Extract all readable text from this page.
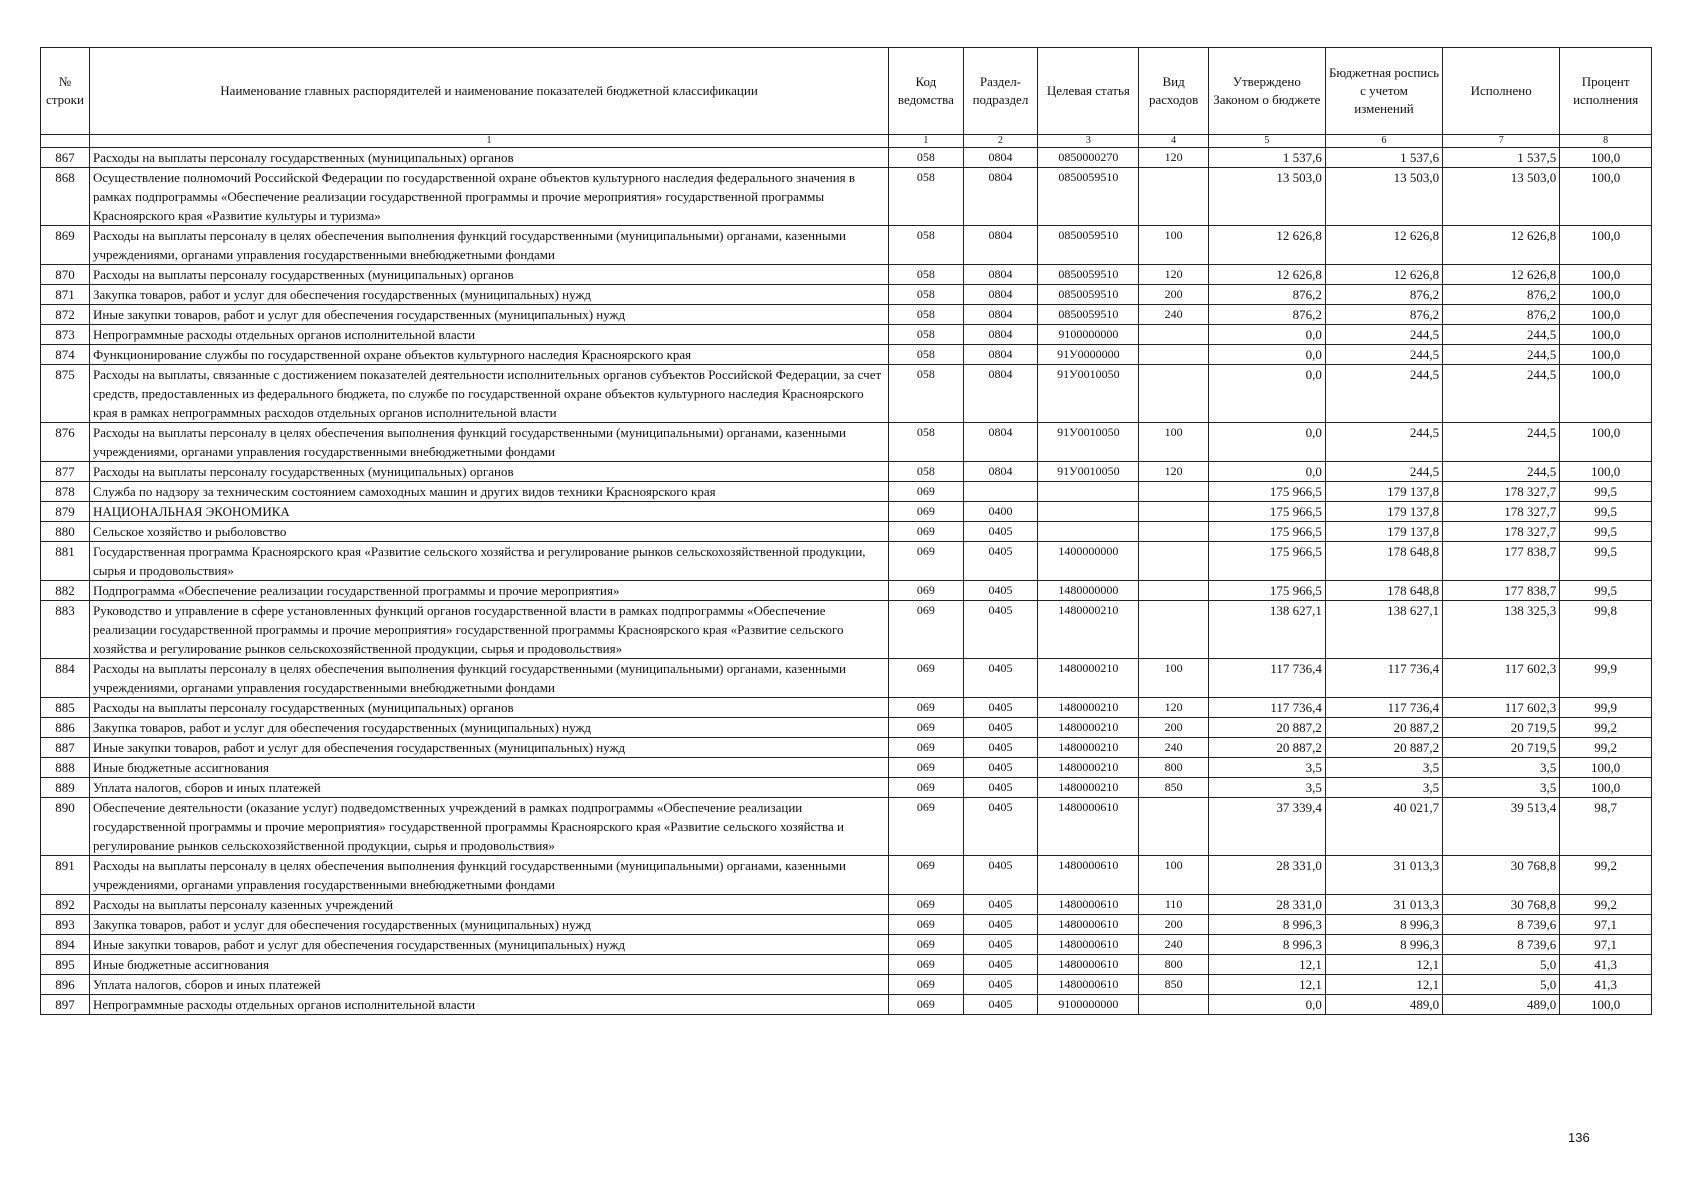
№ строки	Наименование главных распорядителей и наименование показателей бюджетной классификации	Код ведомства	Раздел-подраздел	Целевая статья	Вид расходов	Утверждено Законом о бюджете	Бюджетная роспись с учетом изменений	Исполнено	Процент исполнения
	1	1	2	3	4	5	6	7	8
867	Расходы на выплаты персоналу государственных (муниципальных) органов	058	0804	0850000270	120	1 537,6	1 537,6	1 537,5	100,0
868	Осуществление полномочий Российской Федерации по государственной охране объектов культурного наследия федерального значения в рамках подпрограммы «Обеспечение реализации государственной программы и прочие мероприятия» государственной программы Красноярского края «Развитие культуры и туризма»	058	0804	0850059510		13 503,0	13 503,0	13 503,0	100,0
869	Расходы на выплаты персоналу в целях обеспечения выполнения функций государственными (муниципальными) органами, казенными учреждениями, органами управления государственными внебюджетными фондами	058	0804	0850059510	100	12 626,8	12 626,8	12 626,8	100,0
870	Расходы на выплаты персоналу государственных (муниципальных) органов	058	0804	0850059510	120	12 626,8	12 626,8	12 626,8	100,0
871	Закупка товаров, работ и услуг для обеспечения государственных (муниципальных) нужд	058	0804	0850059510	200	876,2	876,2	876,2	100,0
872	Иные закупки товаров, работ и услуг для обеспечения государственных (муниципальных) нужд	058	0804	0850059510	240	876,2	876,2	876,2	100,0
873	Непрограммные расходы отдельных органов исполнительной власти	058	0804	9100000000		0,0	244,5	244,5	100,0
874	Функционирование службы по государственной охране объектов культурного наследия Красноярского края	058	0804	91У0000000		0,0	244,5	244,5	100,0
875	Расходы на выплаты, связанные с достижением показателей деятельности исполнительных органов субъектов Российской Федерации, за счет средств, предоставленных из федерального бюджета, по службе по государственной охране объектов культурного наследия Красноярского края в рамках непрограммных расходов отдельных органов исполнительной власти	058	0804	91У0010050		0,0	244,5	244,5	100,0
876	Расходы на выплаты персоналу в целях обеспечения выполнения функций государственными (муниципальными) органами, казенными учреждениями, органами управления государственными внебюджетными фондами	058	0804	91У0010050	100	0,0	244,5	244,5	100,0
877	Расходы на выплаты персоналу государственных (муниципальных) органов	058	0804	91У0010050	120	0,0	244,5	244,5	100,0
878	Служба по надзору за техническим состоянием самоходных машин и других видов техники Красноярского края	069				175 966,5	179 137,8	178 327,7	99,5
879	НАЦИОНАЛЬНАЯ ЭКОНОМИКА	069	0400			175 966,5	179 137,8	178 327,7	99,5
880	Сельское хозяйство и рыболовство	069	0405			175 966,5	179 137,8	178 327,7	99,5
881	Государственная программа Красноярского края «Развитие сельского хозяйства и регулирование рынков сельскохозяйственной продукции, сырья и продовольствия»	069	0405	1400000000		175 966,5	178 648,8	177 838,7	99,5
882	Подпрограмма «Обеспечение реализации государственной программы и прочие мероприятия»	069	0405	1480000000		175 966,5	178 648,8	177 838,7	99,5
883	Руководство и управление в сфере установленных функций органов государственной власти в рамках подпрограммы «Обеспечение реализации государственной программы и прочие мероприятия» государственной программы Красноярского края «Развитие сельского хозяйства и регулирование рынков сельскохозяйственной продукции, сырья и продовольствия»	069	0405	1480000210		138 627,1	138 627,1	138 325,3	99,8
884	Расходы на выплаты персоналу в целях обеспечения выполнения функций государственными (муниципальными) органами, казенными учреждениями, органами управления государственными внебюджетными фондами	069	0405	1480000210	100	117 736,4	117 736,4	117 602,3	99,9
885	Расходы на выплаты персоналу государственных (муниципальных) органов	069	0405	1480000210	120	117 736,4	117 736,4	117 602,3	99,9
886	Закупка товаров, работ и услуг для обеспечения государственных (муниципальных) нужд	069	0405	1480000210	200	20 887,2	20 887,2	20 719,5	99,2
887	Иные закупки товаров, работ и услуг для обеспечения государственных (муниципальных) нужд	069	0405	1480000210	240	20 887,2	20 887,2	20 719,5	99,2
888	Иные бюджетные ассигнования	069	0405	1480000210	800	3,5	3,5	3,5	100,0
889	Уплата налогов, сборов и иных платежей	069	0405	1480000210	850	3,5	3,5	3,5	100,0
890	Обеспечение деятельности (оказание услуг) подведомственных учреждений в рамках подпрограммы «Обеспечение реализации государственной программы и прочие мероприятия» государственной программы Красноярского края «Развитие сельского хозяйства и регулирование рынков сельскохозяйственной продукции, сырья и продовольствия»	069	0405	1480000610		37 339,4	40 021,7	39 513,4	98,7
891	Расходы на выплаты персоналу в целях обеспечения выполнения функций государственными (муниципальными) органами, казенными учреждениями, органами управления государственными внебюджетными фондами	069	0405	1480000610	100	28 331,0	31 013,3	30 768,8	99,2
892	Расходы на выплаты персоналу казенных учреждений	069	0405	1480000610	110	28 331,0	31 013,3	30 768,8	99,2
893	Закупка товаров, работ и услуг для обеспечения государственных (муниципальных) нужд	069	0405	1480000610	200	8 996,3	8 996,3	8 739,6	97,1
894	Иные закупки товаров, работ и услуг для обеспечения государственных (муниципальных) нужд	069	0405	1480000610	240	8 996,3	8 996,3	8 739,6	97,1
895	Иные бюджетные ассигнования	069	0405	1480000610	800	12,1	12,1	5,0	41,3
896	Уплата налогов, сборов и иных платежей	069	0405	1480000610	850	12,1	12,1	5,0	41,3
897	Непрограммные расходы отдельных органов исполнительной власти	069	0405	9100000000		0,0	489,0	489,0	100,0
136
